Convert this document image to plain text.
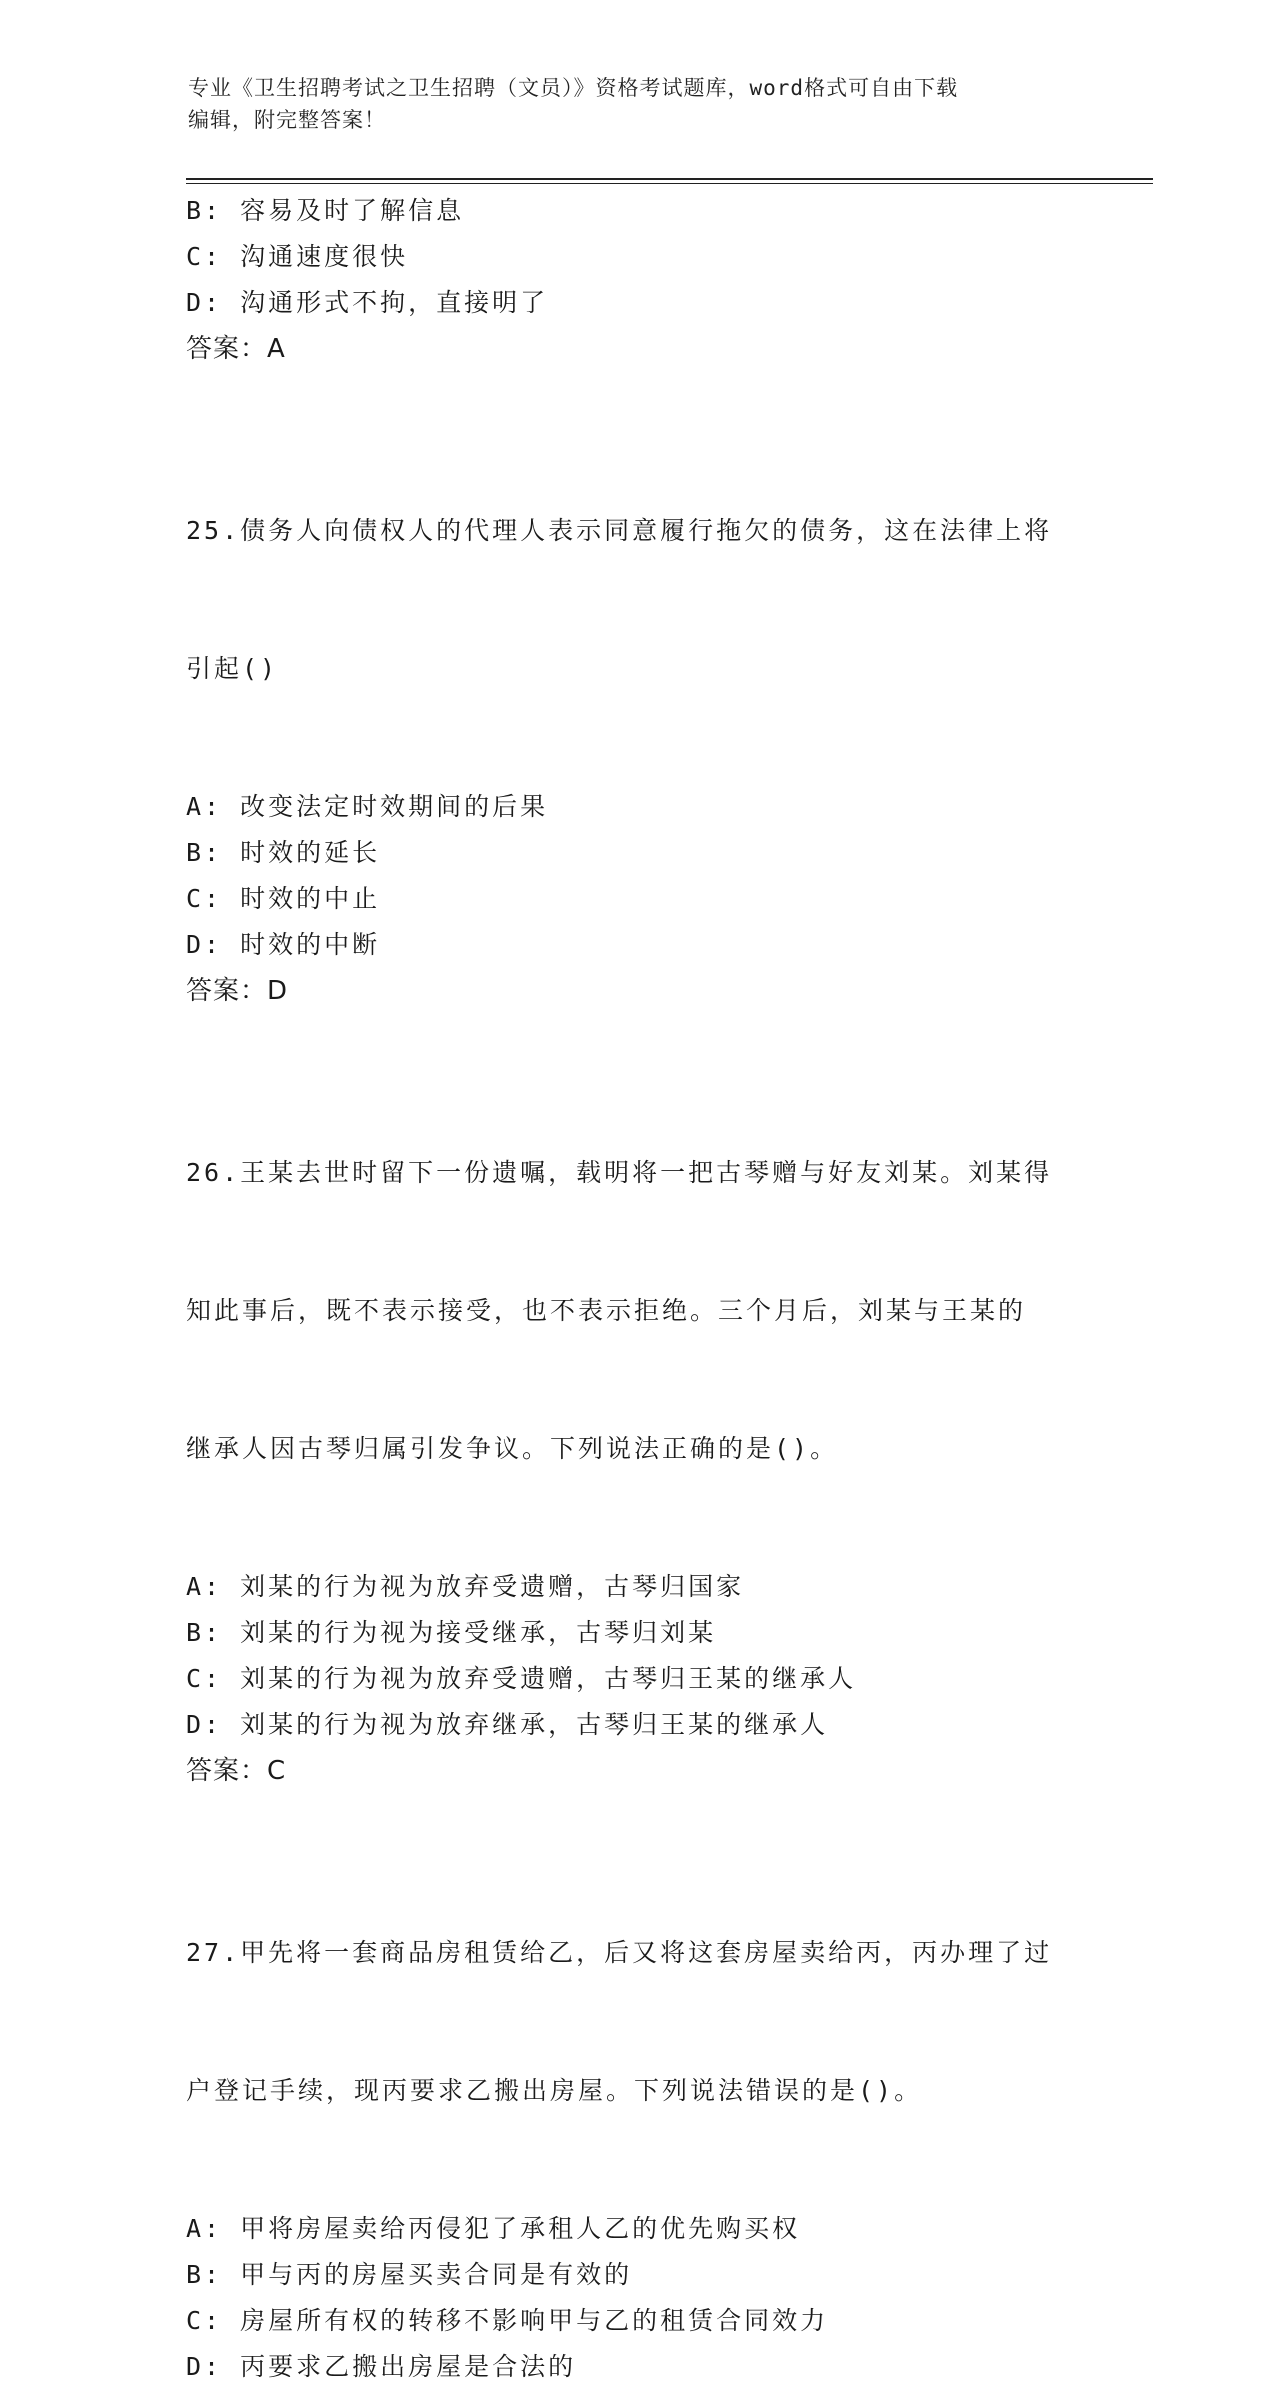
专业《卫生招聘考试之卫生招聘（文员）》资格考试题库，word格式可自由下载
编辑，附完整答案！

B: 容易及时了解信息

C: 沟通速度很快

D: 沟通形式不拘，直接明了

答案：A

25.债务人向债权人的代理人表示同意履行拖欠的债务，这在法律上将

引起()

A: 改变法定时效期间的后果

B: 时效的延长

C: 时效的中止

D: 时效的中断

答案：D

26.王某去世时留下一份遗嘱，载明将一把古琴赠与好友刘某。刘某得

知此事后，既不表示接受，也不表示拒绝。三个月后，刘某与王某的

继承人因古琴归属引发争议。下列说法正确的是()。

A: 刘某的行为视为放弃受遗赠，古琴归国家

B: 刘某的行为视为接受继承，古琴归刘某

C: 刘某的行为视为放弃受遗赠，古琴归王某的继承人

D: 刘某的行为视为放弃继承，古琴归王某的继承人

答案：C

27.甲先将一套商品房租赁给乙，后又将这套房屋卖给丙，丙办理了过

户登记手续，现丙要求乙搬出房屋。下列说法错误的是()。

A: 甲将房屋卖给丙侵犯了承租人乙的优先购买权

B: 甲与丙的房屋买卖合同是有效的

C: 房屋所有权的转移不影响甲与乙的租赁合同效力

D: 丙要求乙搬出房屋是合法的
